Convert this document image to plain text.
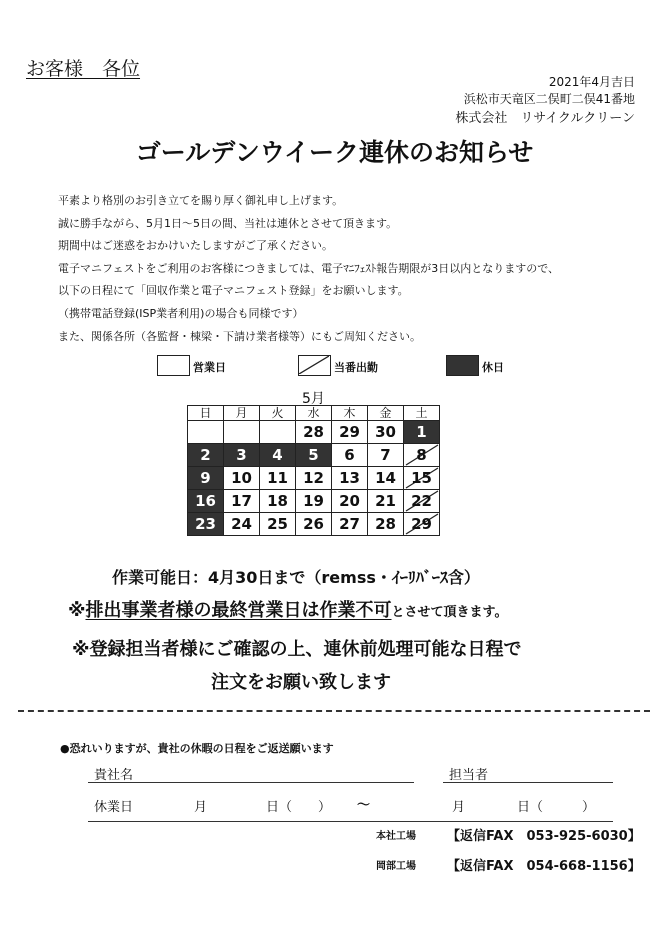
お客様　各位
2021年4月吉日
浜松市天竜区二俣町二俣41番地
株式会社　リサイクルクリーン
ゴールデンウイーク連休のお知らせ
平素より格別のお引き立てを賜り厚く御礼申し上げます。
誠に勝手ながら、5月1日～5日の間、当社は連休とさせて頂きます。
期間中はご迷惑をおかけいたしますがご了承ください。
電子マニフェストをご利用のお客様につきましては、電子ﾏﾆﾌｪｽﾄ報告期限が3日以内となりますので、
以下の日程にて「回収作業と電子マニフェスト登録」をお願いします。
（携帯電話登録(ISP業者利用)の場合も同様です）
また、関係各所（各監督・棟梁・下請け業者様等）にもご周知ください。
営業日	当番出勤	休日
5月
日	月	火	水	木	金	土
			28	29	30	1
2	3	4	5	6	7	8
9	10	11	12	13	14	15
16	17	18	19	20	21	22
23	24	25	26	27	28	29
作業可能日：4月30日まで（remss・ｲｰﾘﾊﾞｰｽ含）
※排出事業者様の最終営業日は作業不可とさせて頂きます。
※登録担当者様にご確認の上、連休前処理可能な日程で
注文をお願い致します
●恐れいりますが、貴社の休暇の日程をご返送願います
貴社名	担当者
休業日	月	日（　　） ～	月	日（　　　）
本社工場 【返信FAX　053-925-6030】
岡部工場 【返信FAX　054-668-1156】
